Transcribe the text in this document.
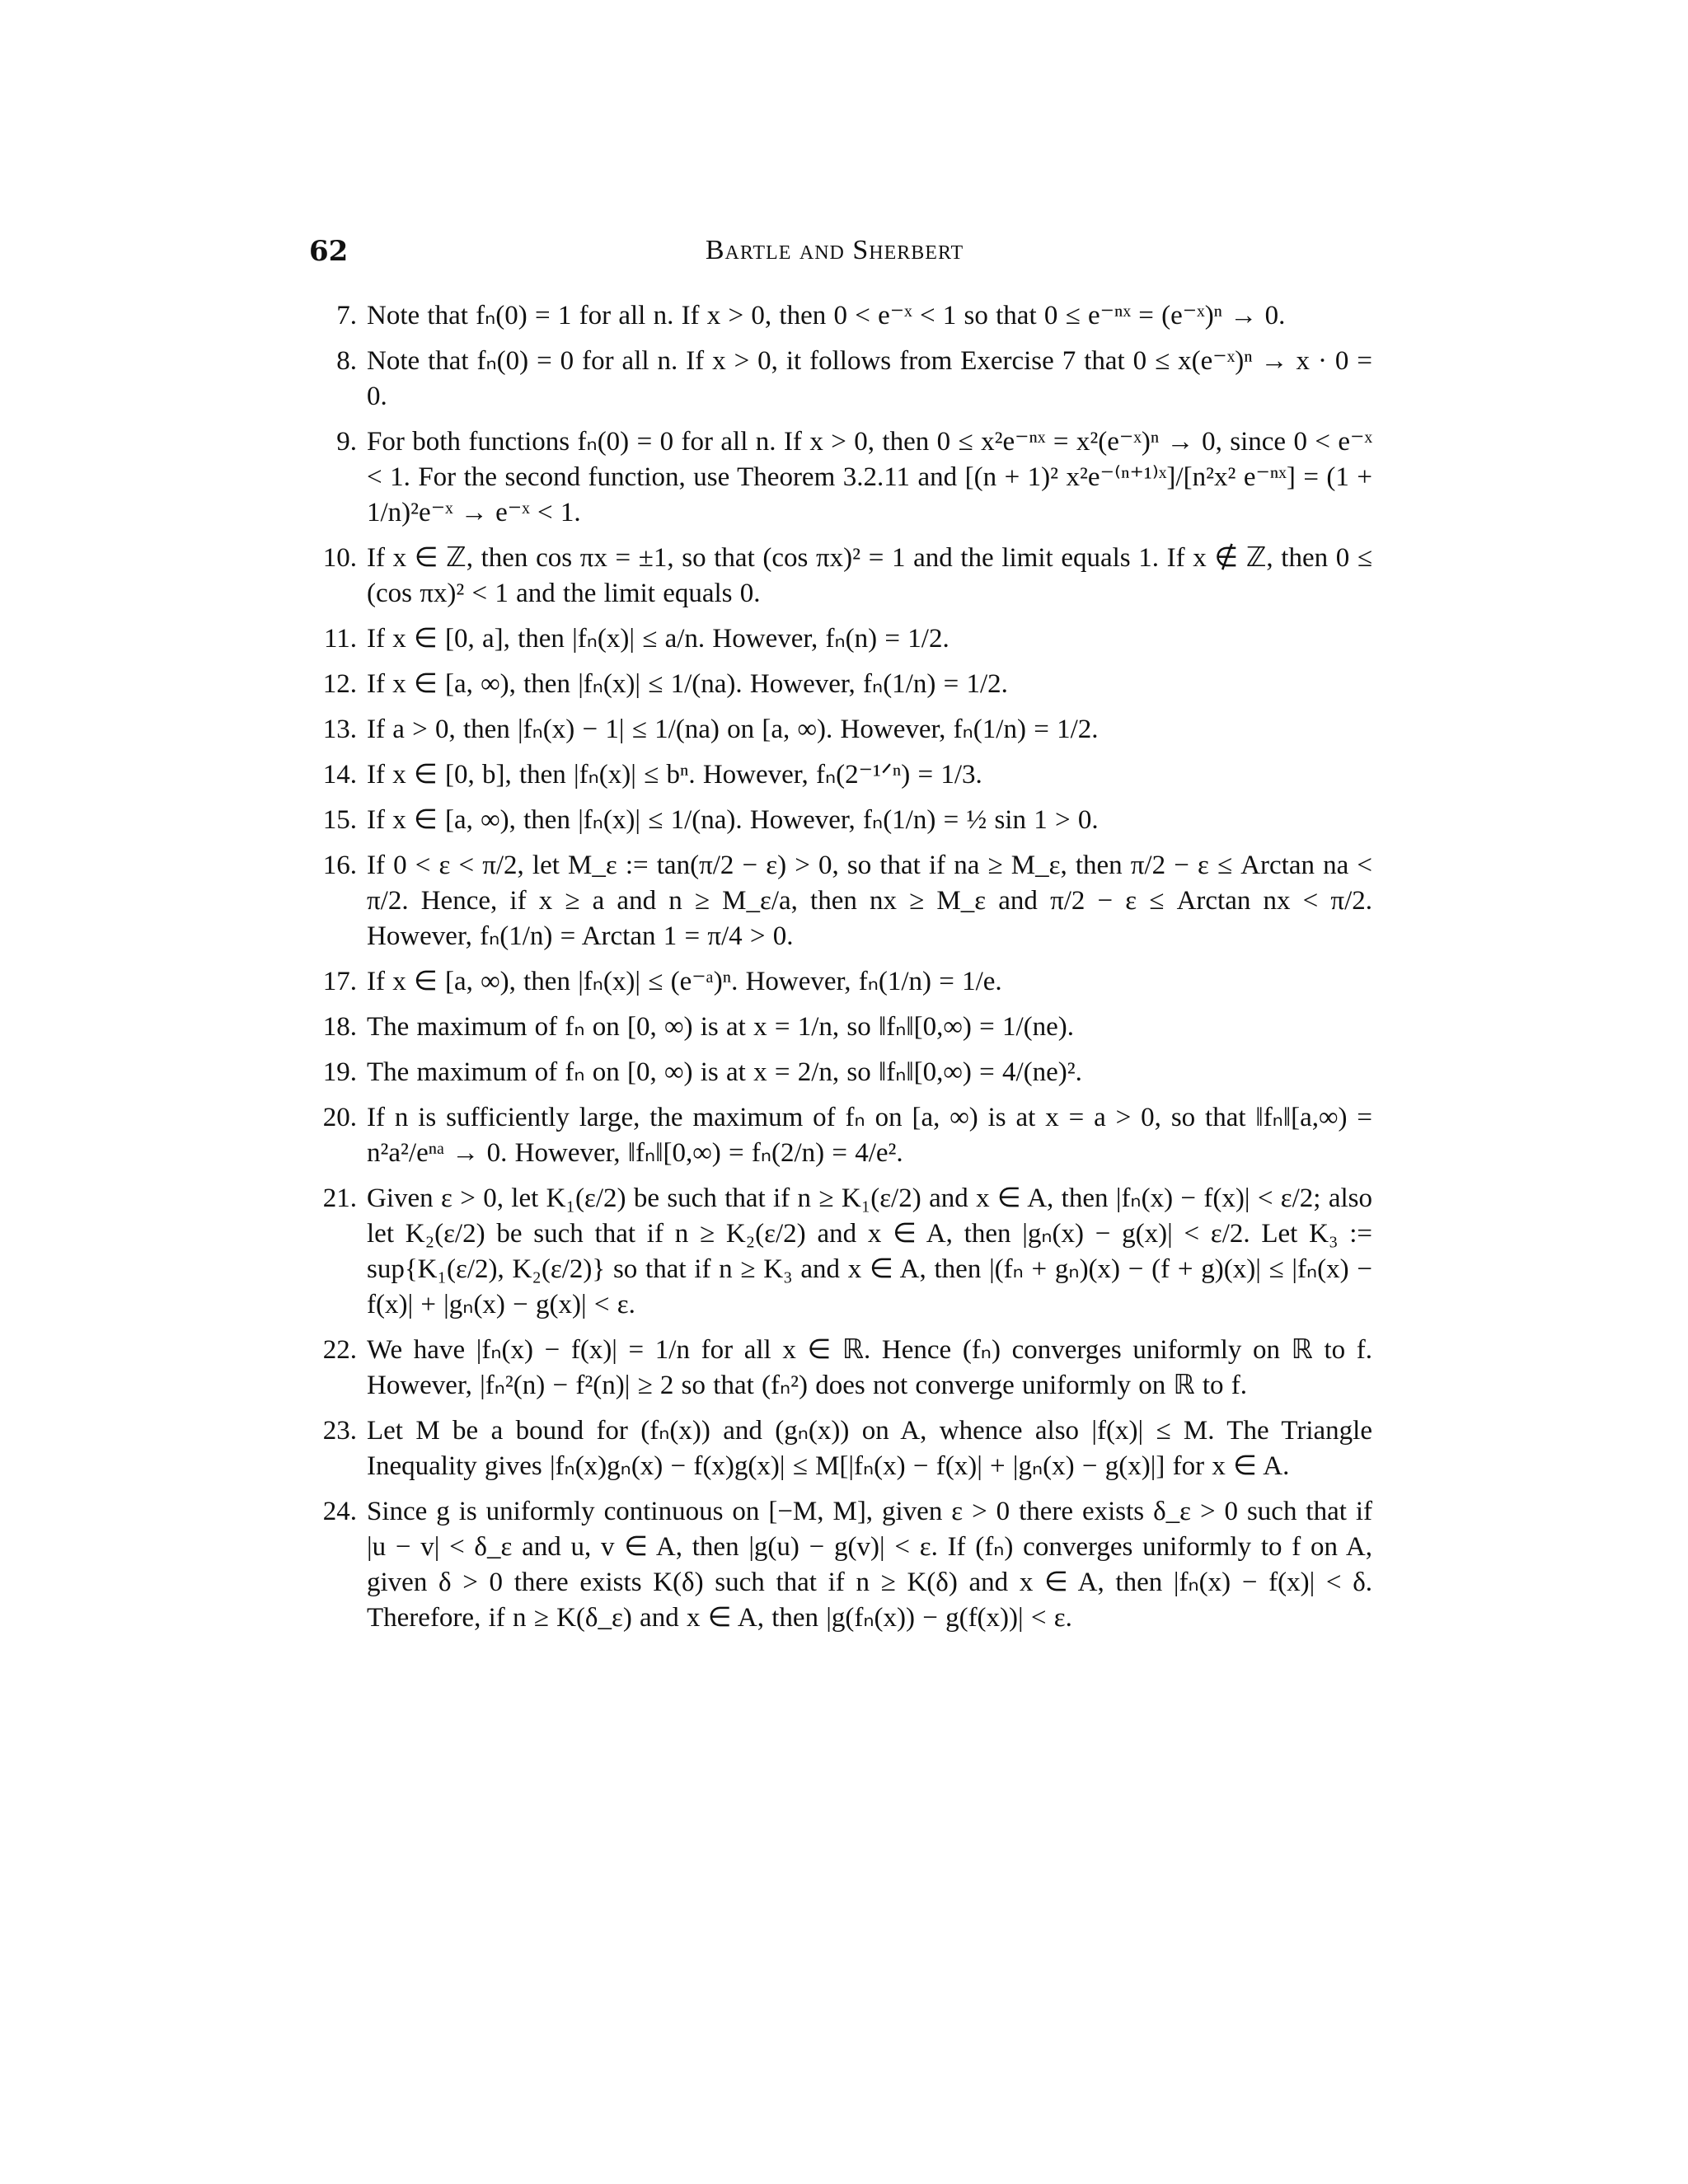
62	Bartle and Sherbert
7. Note that fₙ(0) = 1 for all n. If x > 0, then 0 < e⁻ˣ < 1 so that 0 ≤ e⁻ⁿˣ = (e⁻ˣ)ⁿ → 0.
8. Note that fₙ(0) = 0 for all n. If x > 0, it follows from Exercise 7 that 0 ≤ x(e⁻ˣ)ⁿ → x · 0 = 0.
9. For both functions fₙ(0) = 0 for all n. If x > 0, then 0 ≤ x²e⁻ⁿˣ = x²(e⁻ˣ)ⁿ → 0, since 0 < e⁻ˣ < 1. For the second function, use Theorem 3.2.11 and [(n + 1)² x²e⁻⁽ⁿ⁺¹⁾ˣ]/[n²x² e⁻ⁿˣ] = (1 + 1/n)²e⁻ˣ → e⁻ˣ < 1.
10. If x ∈ ℤ, then cos πx = ±1, so that (cos πx)² = 1 and the limit equals 1. If x ∉ ℤ, then 0 ≤ (cos πx)² < 1 and the limit equals 0.
11. If x ∈ [0, a], then |fₙ(x)| ≤ a/n. However, fₙ(n) = 1/2.
12. If x ∈ [a, ∞), then |fₙ(x)| ≤ 1/(na). However, fₙ(1/n) = 1/2.
13. If a > 0, then |fₙ(x) − 1| ≤ 1/(na) on [a, ∞). However, fₙ(1/n) = 1/2.
14. If x ∈ [0, b], then |fₙ(x)| ≤ bⁿ. However, fₙ(2⁻¹ᐟⁿ) = 1/3.
15. If x ∈ [a, ∞), then |fₙ(x)| ≤ 1/(na). However, fₙ(1/n) = ½ sin 1 > 0.
16. If 0 < ε < π/2, let M_ε := tan(π/2 − ε) > 0, so that if na ≥ M_ε, then π/2 − ε ≤ Arctan na < π/2. Hence, if x ≥ a and n ≥ M_ε/a, then nx ≥ M_ε and π/2 − ε ≤ Arctan nx < π/2. However, fₙ(1/n) = Arctan 1 = π/4 > 0.
17. If x ∈ [a, ∞), then |fₙ(x)| ≤ (e⁻ᵃ)ⁿ. However, fₙ(1/n) = 1/e.
18. The maximum of fₙ on [0, ∞) is at x = 1/n, so ‖fₙ‖[0,∞) = 1/(ne).
19. The maximum of fₙ on [0, ∞) is at x = 2/n, so ‖fₙ‖[0,∞) = 4/(ne)².
20. If n is sufficiently large, the maximum of fₙ on [a, ∞) is at x = a > 0, so that ‖fₙ‖[a,∞) = n²a²/eⁿᵃ → 0. However, ‖fₙ‖[0,∞) = fₙ(2/n) = 4/e².
21. Given ε > 0, let K₁(ε/2) be such that if n ≥ K₁(ε/2) and x ∈ A, then |fₙ(x) − f(x)| < ε/2; also let K₂(ε/2) be such that if n ≥ K₂(ε/2) and x ∈ A, then |gₙ(x) − g(x)| < ε/2. Let K₃ := sup{K₁(ε/2), K₂(ε/2)} so that if n ≥ K₃ and x ∈ A, then |(fₙ + gₙ)(x) − (f + g)(x)| ≤ |fₙ(x) − f(x)| + |gₙ(x) − g(x)| < ε.
22. We have |fₙ(x) − f(x)| = 1/n for all x ∈ ℝ. Hence (fₙ) converges uniformly on ℝ to f. However, |fₙ²(n) − f²(n)| ≥ 2 so that (fₙ²) does not converge uniformly on ℝ to f.
23. Let M be a bound for (fₙ(x)) and (gₙ(x)) on A, whence also |f(x)| ≤ M. The Triangle Inequality gives |fₙ(x)gₙ(x) − f(x)g(x)| ≤ M[|fₙ(x) − f(x)| + |gₙ(x) − g(x)|] for x ∈ A.
24. Since g is uniformly continuous on [−M, M], given ε > 0 there exists δ_ε > 0 such that if |u − v| < δ_ε and u, v ∈ A, then |g(u) − g(v)| < ε. If (fₙ) converges uniformly to f on A, given δ > 0 there exists K(δ) such that if n ≥ K(δ) and x ∈ A, then |fₙ(x) − f(x)| < δ. Therefore, if n ≥ K(δ_ε) and x ∈ A, then |g(fₙ(x)) − g(f(x))| < ε.
